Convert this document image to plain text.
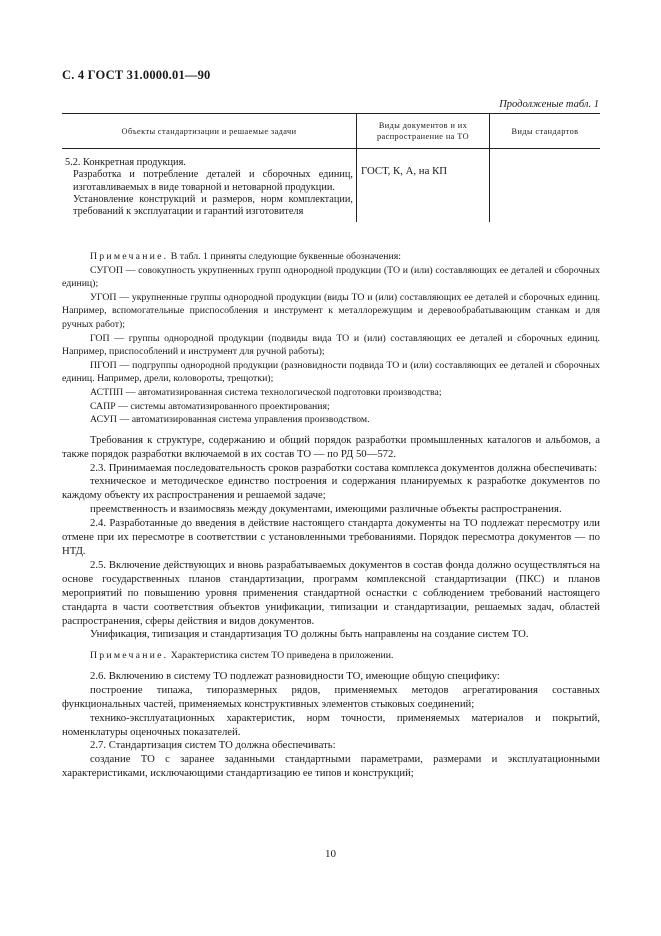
С. 4 ГОСТ 31.0000.01—90
Продолженые табл. 1
Объекты стандартизации и решаемые задачи	Виды документов и их распространение на ТО	Виды стандартов

5.2. Конкретная продукция.
Разработка и потребление деталей и сборочных единиц, изготавливаемых в виде товарной и нетоварной продукции.
Установление конструкций и размеров, норм комплектации, требований к эксплуатации и гарантий изготовителя	ГОСТ, К, А, на КП	

Примечание. В табл. 1 приняты следующие буквенные обозначения:

СУГОП — совокупность укрупненных групп однородной продукции (ТО и (или) составляющих ее деталей и сборочных единиц);

УГОП — укрупненные группы однородной продукции (виды ТО и (или) составляющих ее деталей и сборочных единиц. Например, вспомогательные приспособления и инструмент к металлорежущим и деревообрабатывающим станкам и для ручных работ);

ГОП — группы однородной продукции (подвиды вида ТО и (или) составляющих ее деталей и сборочных единиц. Например, приспособлений и инструмент для ручной работы);

ПГОП — подгруппы однородной продукции (разновидности подвида ТО и (или) составляющих ее деталей и сборочных единиц. Например, дрели, коловороты, трещотки);

АСТПП — автоматизированная система технологической подготовки производства;

САПР — системы автоматизированного проектирования;

АСУП — автоматизированная система управления производством.

Требования к структуре, содержанию и общий порядок разработки промышленных каталогов и альбомов, а также порядок разработки включаемой в их состав ТО — по РД 50—572.

2.3. Принимаемая последовательность сроков разработки состава комплекса документов должна обеспечивать:

техническое и методическое единство построения и содержания планируемых к разработке документов по каждому объекту их распространения и решаемой задаче;

преемственность и взаимосвязь между документами, имеющими различные объекты распространения.

2.4. Разработанные до введения в действие настоящего стандарта документы на ТО подлежат пересмотру или отмене при их пересмотре в соответствии с установленными требованиями. Порядок пересмотра документов — по НТД.

2.5. Включение действующих и вновь разрабатываемых документов в состав фонда должно осуществляться на основе государственных планов стандартизации, программ комплексной стандартизации (ПКС) и планов мероприятий по повышению уровня применения стандартной оснастки с соблюдением требований настоящего стандарта в части соответствия объектов унификации, типизации и стандартизации, решаемых задач, областей распространения, сферы действия и видов документов.

Унификация, типизация и стандартизация ТО должны быть направлены на создание систем ТО.

Примечание. Характеристика систем ТО приведена в приложении.

2.6. Включению в систему ТО подлежат разновидности ТО, имеющие общую специфику:

построение типажа, типоразмерных рядов, применяемых методов агрегатирования составных функциональных частей, применяемых конструктивных элементов стыковых соединений;

технико-эксплуатационных характеристик, норм точности, применяемых материалов и покрытий, номенклатуры оценочных показателей.

2.7. Стандартизация систем ТО должна обеспечивать:

создание ТО с заранее заданными стандартными параметрами, размерами и эксплуатационными характеристиками, исключающими стандартизацию ее типов и конструкций;

10
